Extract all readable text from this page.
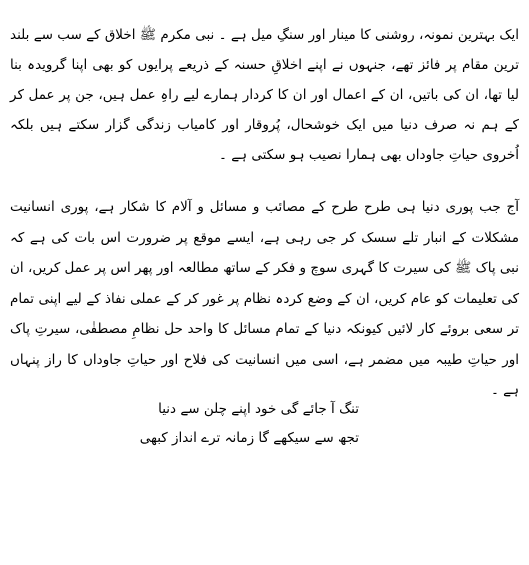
ایک بہترین نمونہ، روشنی کا مینار اور سنگِ میل ہے ۔ نبی مکرم ﷺ اخلاق کے سب سے بلند ترین مقام پر فائز تھے، جنہوں نے اپنے اخلاقِ حسنہ کے ذریعے پرایوں کو بھی اپنا گرویدہ بنا لیا تھا، ان کی باتیں، ان کے اعمال اور ان کا کردار ہمارے لیے راہِ عمل ہیں، جن پر عمل کر کے ہم نہ صرف دنیا میں ایک خوشحال، پُروقار اور کامیاب زندگی گزار سکتے ہیں بلکہ اُخروی حیاتِ جاوداں بھی ہمارا نصیب ہو سکتی ہے ۔

آج جب پوری دنیا ہی طرح طرح کے مصائب و مسائل و آلام کا شکار ہے، پوری انسانیت مشکلات کے انبار تلے سسک کر جی رہی ہے، ایسے موقع پر ضرورت اس بات کی ہے کہ نبی پاک ﷺ کی سیرت کا گہری سوچ و فکر کے ساتھ مطالعہ اور پھر اس پر عمل کریں، ان کی تعلیمات کو عام کریں، ان کے وضع کردہ نظام پر غور کر کے عملی نفاذ کے لیے اپنی تمام تر سعی بروئے کار لائیں کیونکہ دنیا کے تمام مسائل کا واحد حل نظامِ مصطفٰی، سیرتِ پاک اور حیاتِ طیبہ میں مضمر ہے، اسی میں انسانیت کی فلاح اور حیاتِ جاوداں کا راز پنہاں ہے ۔

تنگ آ جائے گی خود اپنے چلن سے دنیا
تجھ سے سیکھے گا زمانہ ترے انداز کبھی
